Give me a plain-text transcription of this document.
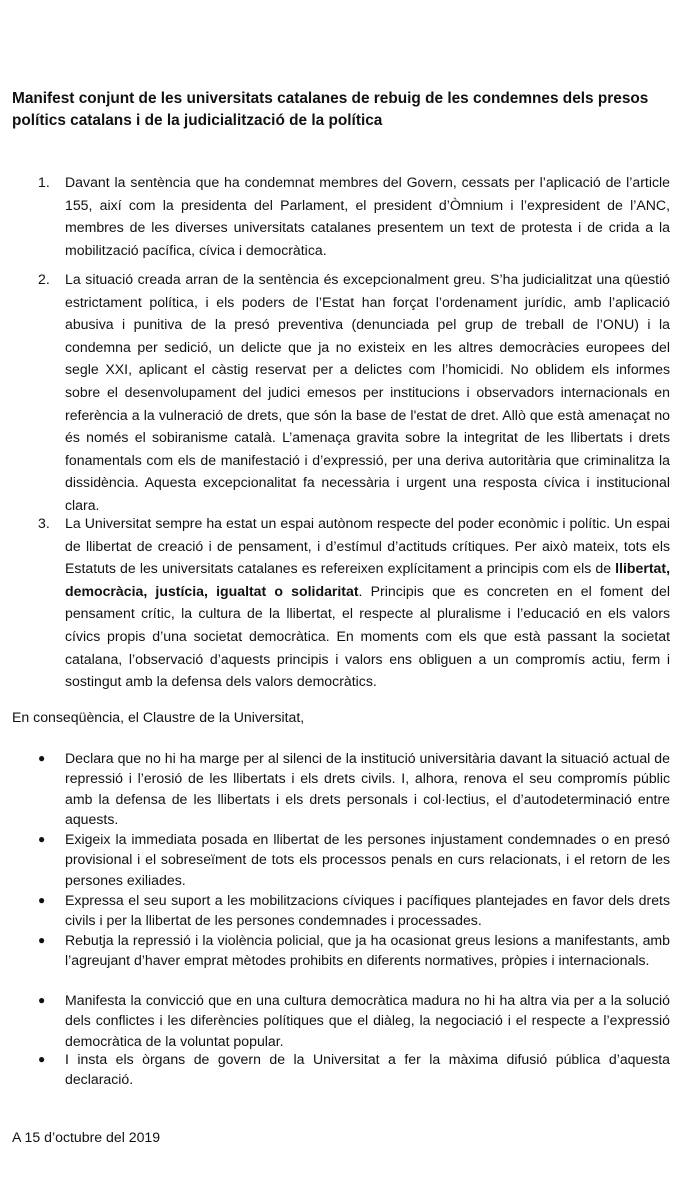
Manifest conjunt de les universitats catalanes de rebuig de les condemnes dels presos polítics catalans i de la judicialització de la política
1.	Davant la sentència que ha condemnat membres del Govern, cessats per l’aplicació de l’article 155, així com la presidenta del Parlament, el president d’Òmnium i l’expresident de l’ANC, membres de les diverses universitats catalanes presentem un text de protesta i de crida a la mobilització pacífica, cívica i democràtica.

2.	La situació creada arran de la sentència és excepcionalment greu. S’ha judicialitzat una qüestió estrictament política, i els poders de l’Estat han forçat l’ordenament jurídic, amb l’aplicació abusiva i punitiva de la presó preventiva (denunciada pel grup de treball de l’ONU) i la condemna per sedició, un delicte que ja no existeix en les altres democràcies europees del segle XXI, aplicant el càstig reservat per a delictes com l’homicidi. No oblidem els informes sobre el desenvolupament del judici emesos per institucions i observadors internacionals en referència a la vulneració de drets, que són la base de l'estat de dret. Allò que està amenaçat no és només el sobiranisme català. L’amenaça gravita sobre la integritat de les llibertats i drets fonamentals com els de manifestació i d’expressió, per una deriva autoritària que criminalitza la dissidència. Aquesta excepcionalitat fa necessària i urgent una resposta cívica i institucional clara.

3.	La Universitat sempre ha estat un espai autònom respecte del poder econòmic i polític. Un espai de llibertat de creació i de pensament, i d’estímul d’actituds crítiques. Per això mateix, tots els Estatuts de les universitats catalanes es refereixen explícitament a principis com els de llibertat, democràcia, justícia, igualtat o solidaritat. Principis que es concreten en el foment del pensament crític, la cultura de la llibertat, el respecte al pluralisme i l’educació en els valors cívics propis d’una societat democràtica. En moments com els que està passant la societat catalana, l’observació d’aquests principis i valors ens obliguen a un compromís actiu, ferm i sostingut amb la defensa dels valors democràtics.

En conseqüència, el Claustre de la Universitat,

●	Declara que no hi ha marge per al silenci de la institució universitària davant la situació actual de repressió i l’erosió de les llibertats i els drets civils. I, alhora, renova el seu compromís públic amb la defensa de les llibertats i els drets personals i col·lectius, el d’autodeterminació entre aquests.

●	Exigeix la immediata posada en llibertat de les persones injustament condemnades o en presó provisional i el sobreseïment de tots els processos penals en curs relacionats, i el retorn de les persones exiliades.

●	Expressa el seu suport a les mobilitzacions cíviques i pacífiques plantejades en favor dels drets civils i per la llibertat de les persones condemnades i processades.

●	Rebutja la repressió i la violència policial, que ja ha ocasionat greus lesions a manifestants, amb l’agreujant d’haver emprat mètodes prohibits en diferents normatives, pròpies i internacionals.

●	Manifesta la convicció que en una cultura democràtica madura no hi ha altra via per a la solució dels conflictes i les diferències polítiques que el diàleg, la negociació i el respecte a l’expressió democràtica de la voluntat popular.

●	I insta els òrgans de govern de la Universitat a fer la màxima difusió pública d’aquesta declaració.

A 15 d’octubre del 2019
